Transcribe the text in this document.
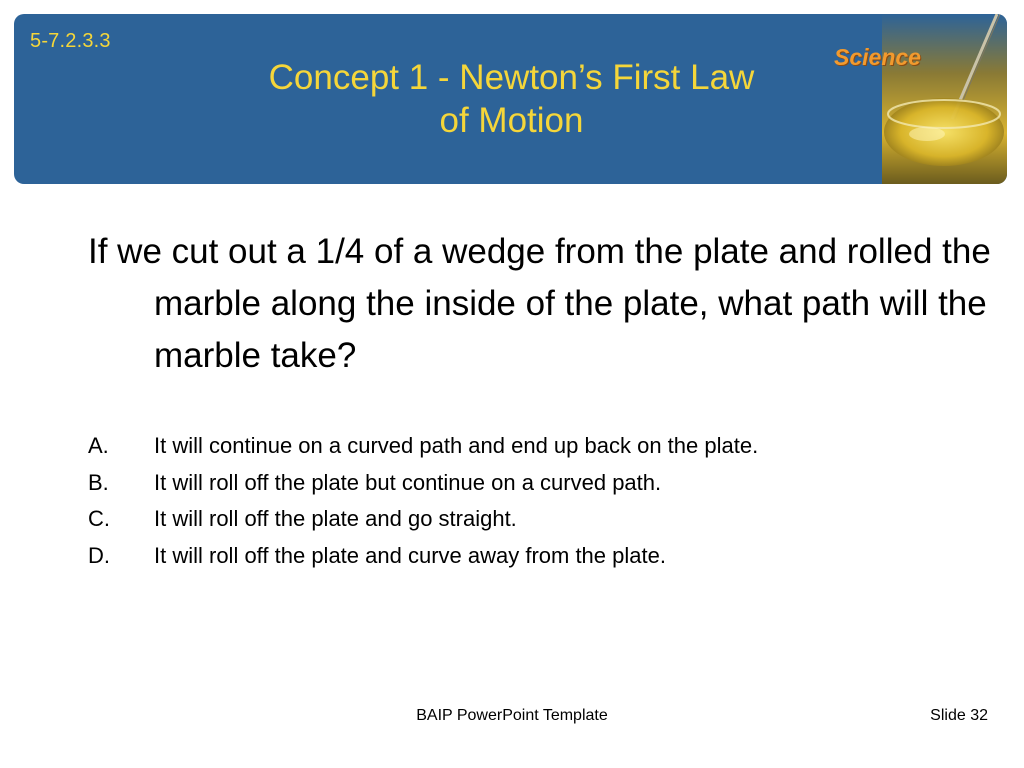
5-7.2.3.3

Concept 1 - Newton’s First Law
of Motion

Science

If we cut out a 1/4 of a wedge from the plate and rolled the marble along the inside of the plate, what path will the marble take?

A.	It will continue on a curved path and end up back on the plate.
B.	It will roll off the plate but continue on a curved path.
C.	It will roll off the plate and go straight.
D.	It will roll off the plate and curve away from the plate.

BAIP PowerPoint Template	Slide 32
